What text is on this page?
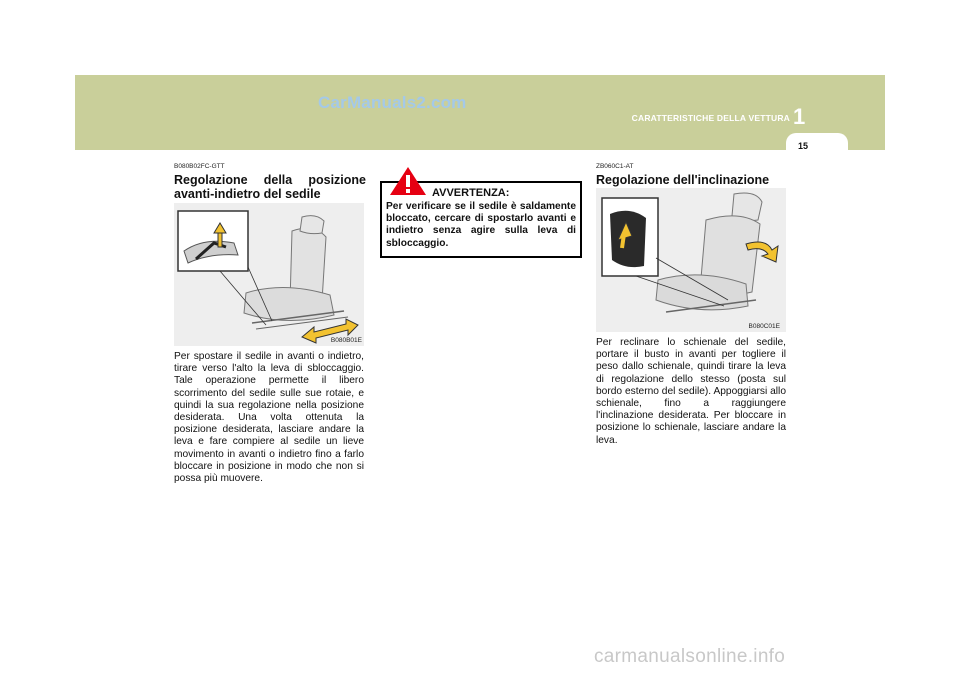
CarManuals2.com
CARATTERISTICHE DELLA VETTURA 1
15
B080B02FC-GTT
Regolazione della posizione
avanti-indietro del sedile
B080B01E
Per spostare il sedile in avanti o indietro, tirare verso l'alto la leva di sbloccaggio. Tale operazione permette il libero scorrimento del sedile sulle sue rotaie, e quindi la sua regolazione nella posizione desiderata. Una volta ottenuta la posizione desiderata, lasciare andare la leva e fare compiere al sedile un lieve movimento in avanti o indietro fino a farlo bloccare in posizione in modo che non si possa più muovere.
AVVERTENZA:
Per verificare se il sedile è saldamente bloccato, cercare di spostarlo avanti e indietro senza agire sulla leva di sbloccaggio.
ZB060C1-AT
Regolazione dell'inclinazione
B080C01E
Per reclinare lo schienale del sedile, portare il busto in avanti per togliere il peso dallo schienale, quindi tirare la leva di regolazione dello stesso (posta sul bordo esterno del sedile). Appoggiarsi allo schienale, fino a raggiungere l'inclinazione desiderata. Per bloccare in posizione lo schienale, lasciare andare la leva.
carmanualsonline.info
